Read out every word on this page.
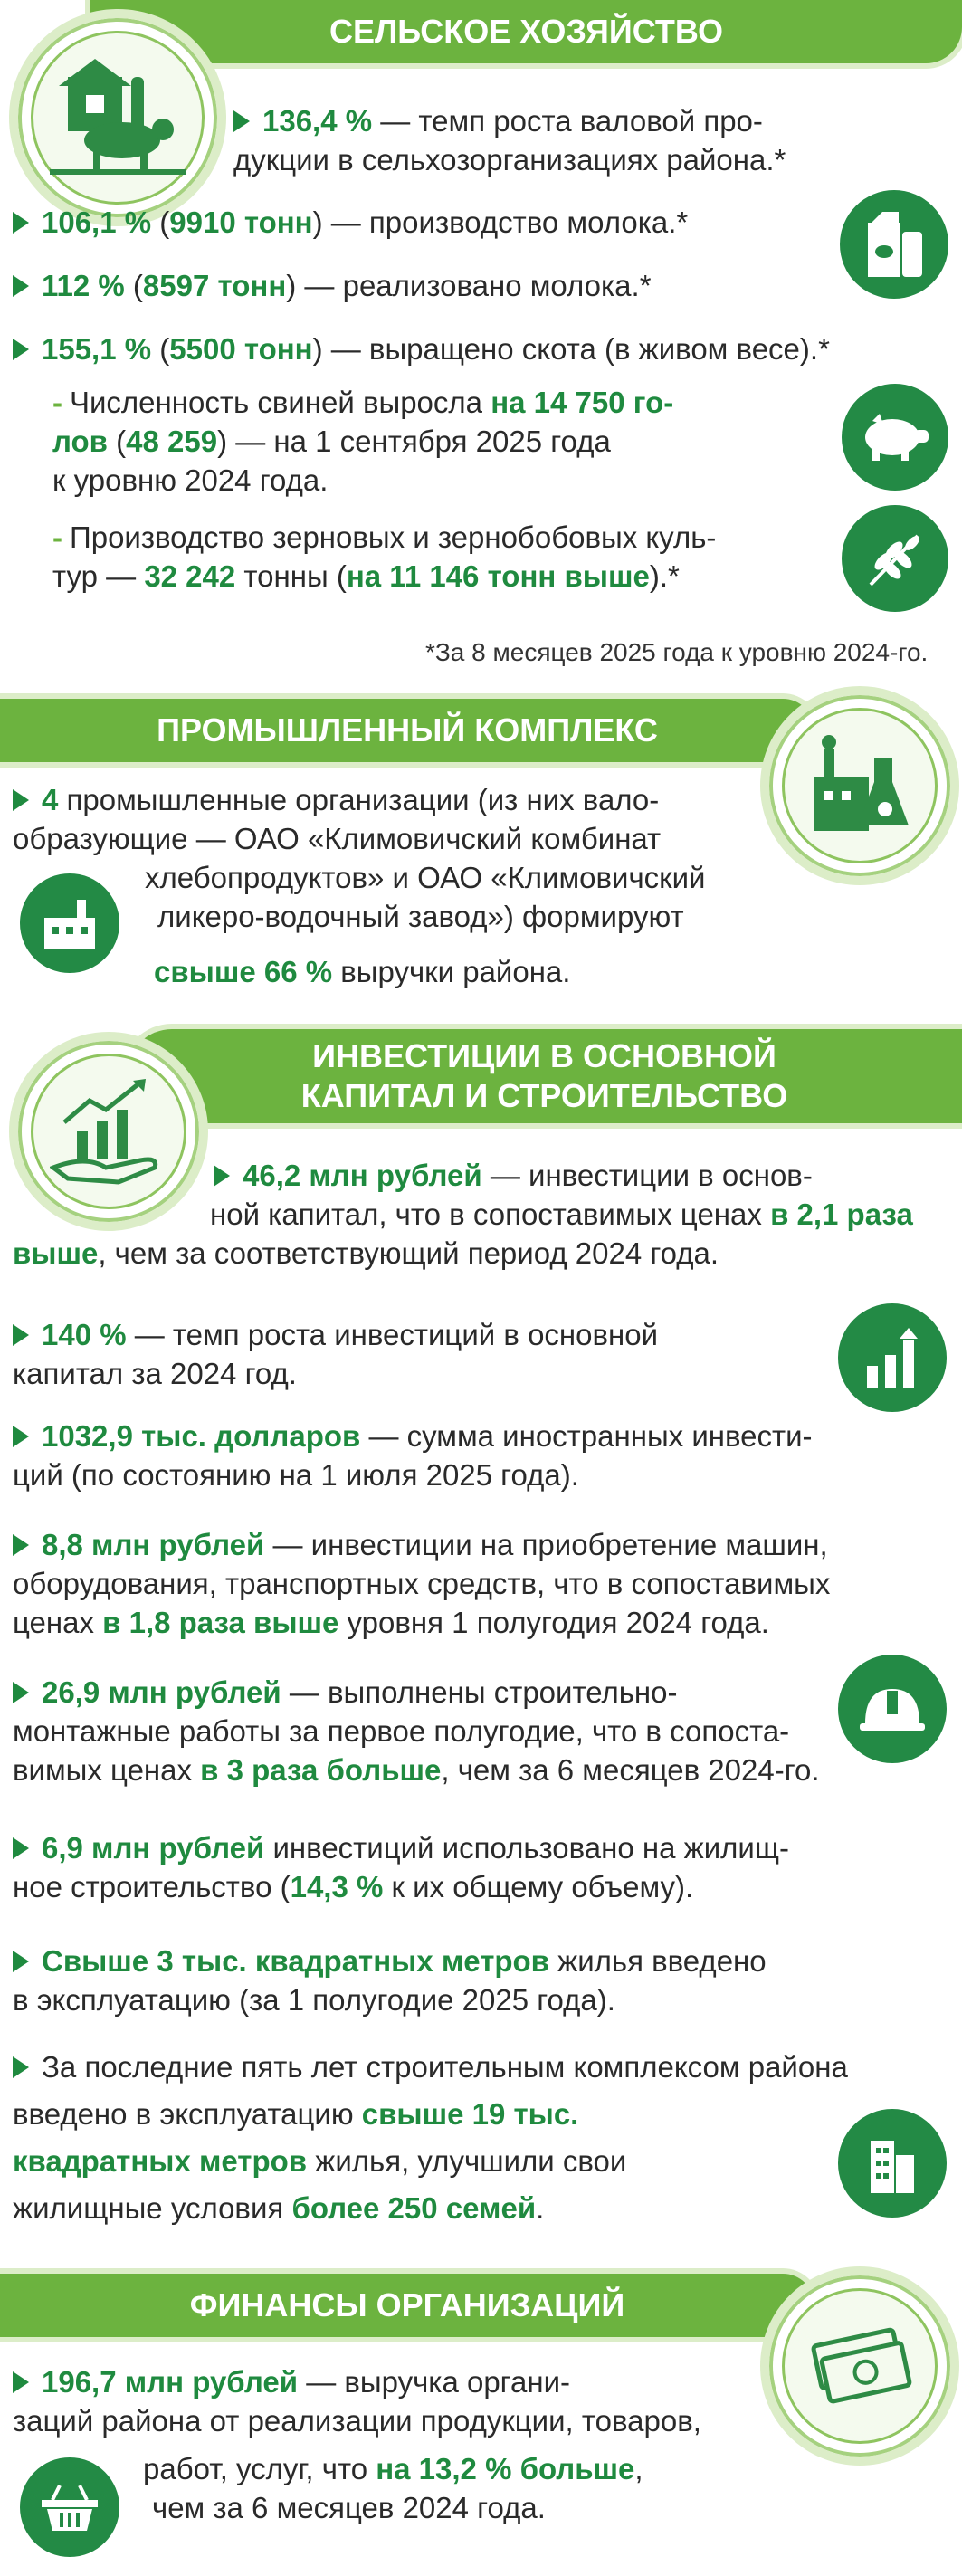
СЕЛЬСКОЕ ХОЗЯЙСТВО
136,4 % — темп роста валовой про-
дукции в сельхозорганизациях района.*
106,1 % (9910 тонн) — производство молока.*
112 % (8597 тонн) — реализовано молока.*
155,1 % (5500 тонн) — выращено скота (в живом весе).*
- Численность свиней выросла на 14 750 го-
лов (48 259) — на 1 сентября 2025 года
к уровню 2024 года.
- Производство зерновых и зернобобовых куль-
тур — 32 242 тонны (на 11 146 тонн выше).*
*За 8 месяцев 2025 года к уровню 2024-го.
ПРОМЫШЛЕННЫЙ КОМПЛЕКС
4 промышленные организации (из них вало-
образующие — ОАО «Климовичский комбинат
хлебопродуктов» и ОАО «Климовичский
ликеро-водочный завод») формируют
свыше 66 % выручки района.
ИНВЕСТИЦИИ В ОСНОВНОЙ
КАПИТАЛ И СТРОИТЕЛЬСТВО
46,2 млн рублей — инвестиции в основ-
ной капитал, что в сопоставимых ценах в 2,1 раза
выше, чем за соответствующий период 2024 года.
140 % — темп роста инвестиций в основной
капитал за 2024 год.
1032,9 тыс. долларов — сумма иностранных инвести-
ций (по состоянию на 1 июля 2025 года).
8,8 млн рублей — инвестиции на приобретение машин,
оборудования, транспортных средств, что в сопоставимых
ценах в 1,8 раза выше уровня 1 полугодия 2024 года.
26,9 млн рублей — выполнены строительно-
монтажные работы за первое полугодие, что в сопоста-
вимых ценах в 3 раза больше, чем за 6 месяцев 2024-го.
6,9 млн рублей инвестиций использовано на жилищ-
ное строительство (14,3 % к их общему объему).
Свыше 3 тыс. квадратных метров жилья введено
в эксплуатацию (за 1 полугодие 2025 года).
За последние пять лет строительным комплексом района
введено в эксплуатацию свыше 19 тыс.
квадратных метров жилья, улучшили свои
жилищные условия более 250 семей.
ФИНАНСЫ ОРГАНИЗАЦИЙ
196,7 млн рублей — выручка органи-
заций района от реализации продукции, товаров,
работ, услуг, что на 13,2 % больше,
чем за 6 месяцев 2024 года.
